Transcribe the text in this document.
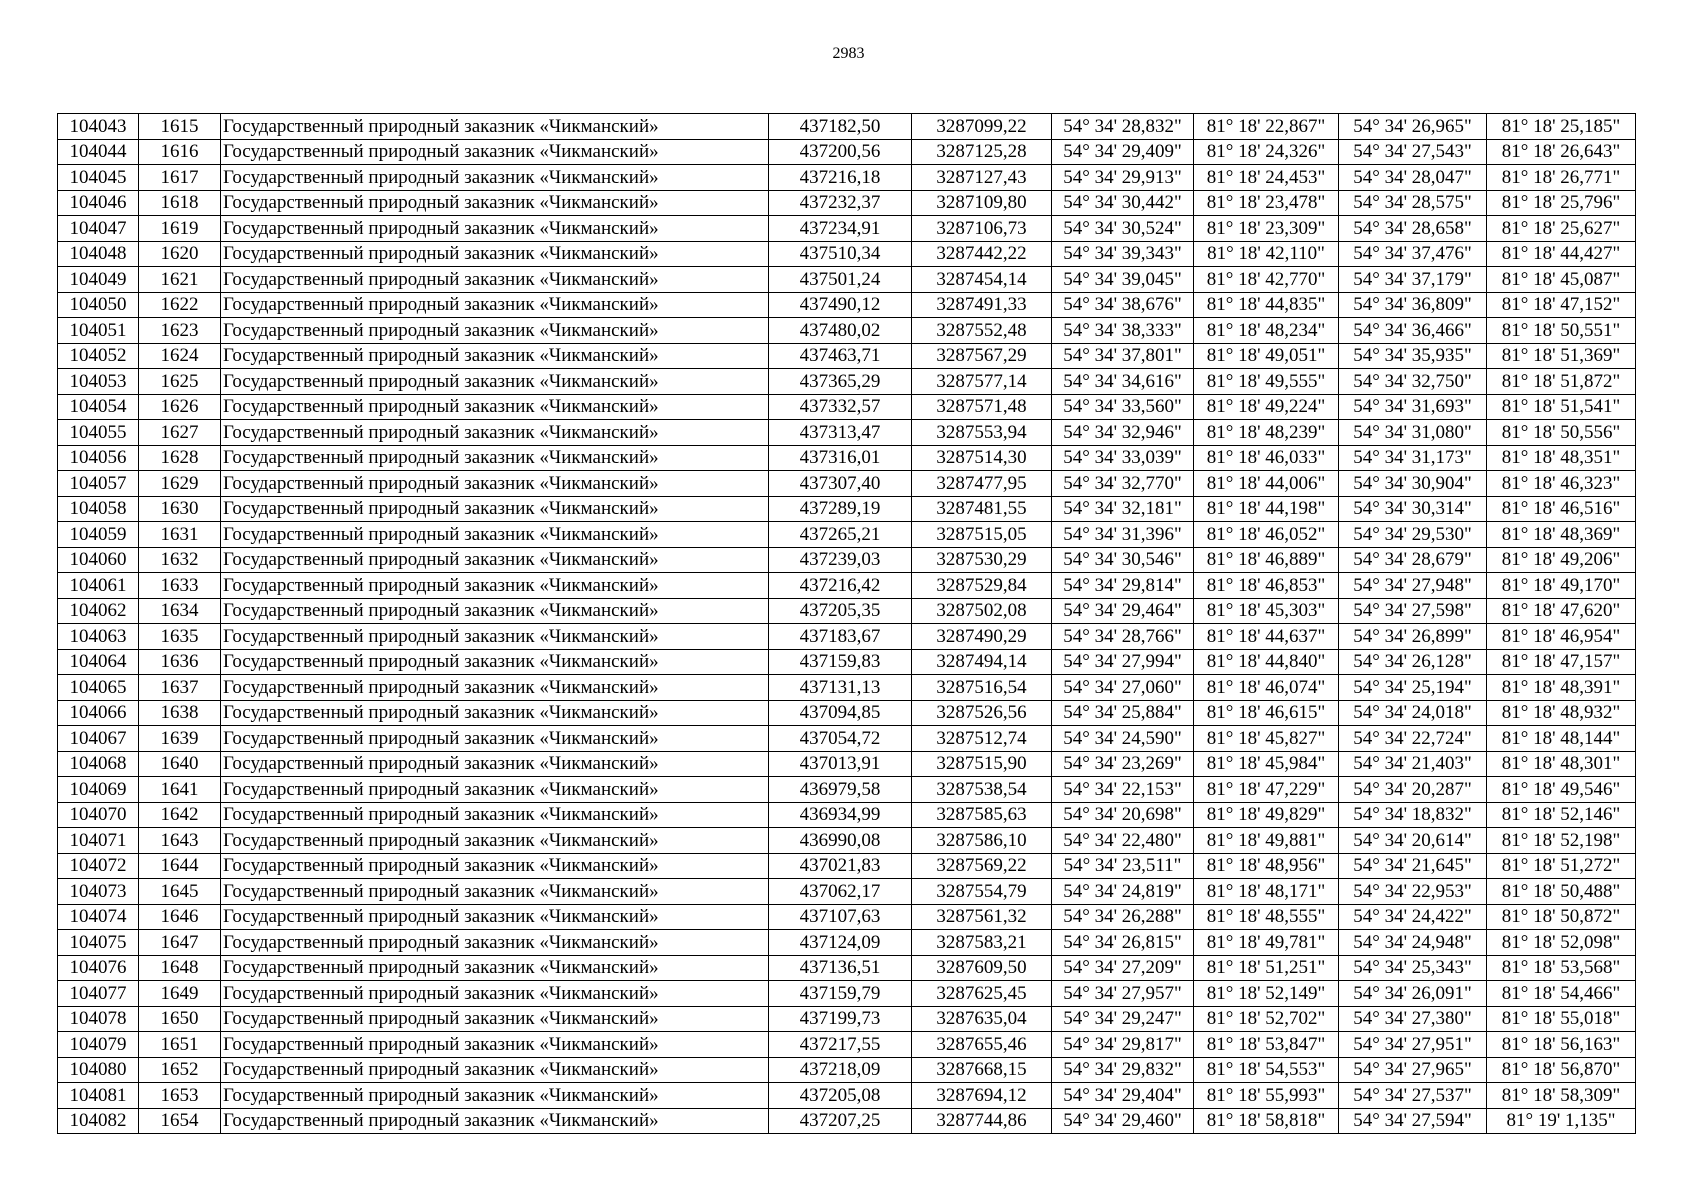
2983
104043	1615	Государственный природный заказник «Чикманский»	437182,50	3287099,22	54° 34' 28,832"	81° 18' 22,867"	54° 34' 26,965"	81° 18' 25,185"
104044	1616	Государственный природный заказник «Чикманский»	437200,56	3287125,28	54° 34' 29,409"	81° 18' 24,326"	54° 34' 27,543"	81° 18' 26,643"
104045	1617	Государственный природный заказник «Чикманский»	437216,18	3287127,43	54° 34' 29,913"	81° 18' 24,453"	54° 34' 28,047"	81° 18' 26,771"
104046	1618	Государственный природный заказник «Чикманский»	437232,37	3287109,80	54° 34' 30,442"	81° 18' 23,478"	54° 34' 28,575"	81° 18' 25,796"
104047	1619	Государственный природный заказник «Чикманский»	437234,91	3287106,73	54° 34' 30,524"	81° 18' 23,309"	54° 34' 28,658"	81° 18' 25,627"
104048	1620	Государственный природный заказник «Чикманский»	437510,34	3287442,22	54° 34' 39,343"	81° 18' 42,110"	54° 34' 37,476"	81° 18' 44,427"
104049	1621	Государственный природный заказник «Чикманский»	437501,24	3287454,14	54° 34' 39,045"	81° 18' 42,770"	54° 34' 37,179"	81° 18' 45,087"
104050	1622	Государственный природный заказник «Чикманский»	437490,12	3287491,33	54° 34' 38,676"	81° 18' 44,835"	54° 34' 36,809"	81° 18' 47,152"
104051	1623	Государственный природный заказник «Чикманский»	437480,02	3287552,48	54° 34' 38,333"	81° 18' 48,234"	54° 34' 36,466"	81° 18' 50,551"
104052	1624	Государственный природный заказник «Чикманский»	437463,71	3287567,29	54° 34' 37,801"	81° 18' 49,051"	54° 34' 35,935"	81° 18' 51,369"
104053	1625	Государственный природный заказник «Чикманский»	437365,29	3287577,14	54° 34' 34,616"	81° 18' 49,555"	54° 34' 32,750"	81° 18' 51,872"
104054	1626	Государственный природный заказник «Чикманский»	437332,57	3287571,48	54° 34' 33,560"	81° 18' 49,224"	54° 34' 31,693"	81° 18' 51,541"
104055	1627	Государственный природный заказник «Чикманский»	437313,47	3287553,94	54° 34' 32,946"	81° 18' 48,239"	54° 34' 31,080"	81° 18' 50,556"
104056	1628	Государственный природный заказник «Чикманский»	437316,01	3287514,30	54° 34' 33,039"	81° 18' 46,033"	54° 34' 31,173"	81° 18' 48,351"
104057	1629	Государственный природный заказник «Чикманский»	437307,40	3287477,95	54° 34' 32,770"	81° 18' 44,006"	54° 34' 30,904"	81° 18' 46,323"
104058	1630	Государственный природный заказник «Чикманский»	437289,19	3287481,55	54° 34' 32,181"	81° 18' 44,198"	54° 34' 30,314"	81° 18' 46,516"
104059	1631	Государственный природный заказник «Чикманский»	437265,21	3287515,05	54° 34' 31,396"	81° 18' 46,052"	54° 34' 29,530"	81° 18' 48,369"
104060	1632	Государственный природный заказник «Чикманский»	437239,03	3287530,29	54° 34' 30,546"	81° 18' 46,889"	54° 34' 28,679"	81° 18' 49,206"
104061	1633	Государственный природный заказник «Чикманский»	437216,42	3287529,84	54° 34' 29,814"	81° 18' 46,853"	54° 34' 27,948"	81° 18' 49,170"
104062	1634	Государственный природный заказник «Чикманский»	437205,35	3287502,08	54° 34' 29,464"	81° 18' 45,303"	54° 34' 27,598"	81° 18' 47,620"
104063	1635	Государственный природный заказник «Чикманский»	437183,67	3287490,29	54° 34' 28,766"	81° 18' 44,637"	54° 34' 26,899"	81° 18' 46,954"
104064	1636	Государственный природный заказник «Чикманский»	437159,83	3287494,14	54° 34' 27,994"	81° 18' 44,840"	54° 34' 26,128"	81° 18' 47,157"
104065	1637	Государственный природный заказник «Чикманский»	437131,13	3287516,54	54° 34' 27,060"	81° 18' 46,074"	54° 34' 25,194"	81° 18' 48,391"
104066	1638	Государственный природный заказник «Чикманский»	437094,85	3287526,56	54° 34' 25,884"	81° 18' 46,615"	54° 34' 24,018"	81° 18' 48,932"
104067	1639	Государственный природный заказник «Чикманский»	437054,72	3287512,74	54° 34' 24,590"	81° 18' 45,827"	54° 34' 22,724"	81° 18' 48,144"
104068	1640	Государственный природный заказник «Чикманский»	437013,91	3287515,90	54° 34' 23,269"	81° 18' 45,984"	54° 34' 21,403"	81° 18' 48,301"
104069	1641	Государственный природный заказник «Чикманский»	436979,58	3287538,54	54° 34' 22,153"	81° 18' 47,229"	54° 34' 20,287"	81° 18' 49,546"
104070	1642	Государственный природный заказник «Чикманский»	436934,99	3287585,63	54° 34' 20,698"	81° 18' 49,829"	54° 34' 18,832"	81° 18' 52,146"
104071	1643	Государственный природный заказник «Чикманский»	436990,08	3287586,10	54° 34' 22,480"	81° 18' 49,881"	54° 34' 20,614"	81° 18' 52,198"
104072	1644	Государственный природный заказник «Чикманский»	437021,83	3287569,22	54° 34' 23,511"	81° 18' 48,956"	54° 34' 21,645"	81° 18' 51,272"
104073	1645	Государственный природный заказник «Чикманский»	437062,17	3287554,79	54° 34' 24,819"	81° 18' 48,171"	54° 34' 22,953"	81° 18' 50,488"
104074	1646	Государственный природный заказник «Чикманский»	437107,63	3287561,32	54° 34' 26,288"	81° 18' 48,555"	54° 34' 24,422"	81° 18' 50,872"
104075	1647	Государственный природный заказник «Чикманский»	437124,09	3287583,21	54° 34' 26,815"	81° 18' 49,781"	54° 34' 24,948"	81° 18' 52,098"
104076	1648	Государственный природный заказник «Чикманский»	437136,51	3287609,50	54° 34' 27,209"	81° 18' 51,251"	54° 34' 25,343"	81° 18' 53,568"
104077	1649	Государственный природный заказник «Чикманский»	437159,79	3287625,45	54° 34' 27,957"	81° 18' 52,149"	54° 34' 26,091"	81° 18' 54,466"
104078	1650	Государственный природный заказник «Чикманский»	437199,73	3287635,04	54° 34' 29,247"	81° 18' 52,702"	54° 34' 27,380"	81° 18' 55,018"
104079	1651	Государственный природный заказник «Чикманский»	437217,55	3287655,46	54° 34' 29,817"	81° 18' 53,847"	54° 34' 27,951"	81° 18' 56,163"
104080	1652	Государственный природный заказник «Чикманский»	437218,09	3287668,15	54° 34' 29,832"	81° 18' 54,553"	54° 34' 27,965"	81° 18' 56,870"
104081	1653	Государственный природный заказник «Чикманский»	437205,08	3287694,12	54° 34' 29,404"	81° 18' 55,993"	54° 34' 27,537"	81° 18' 58,309"
104082	1654	Государственный природный заказник «Чикманский»	437207,25	3287744,86	54° 34' 29,460"	81° 18' 58,818"	54° 34' 27,594"	81° 19' 1,135"
